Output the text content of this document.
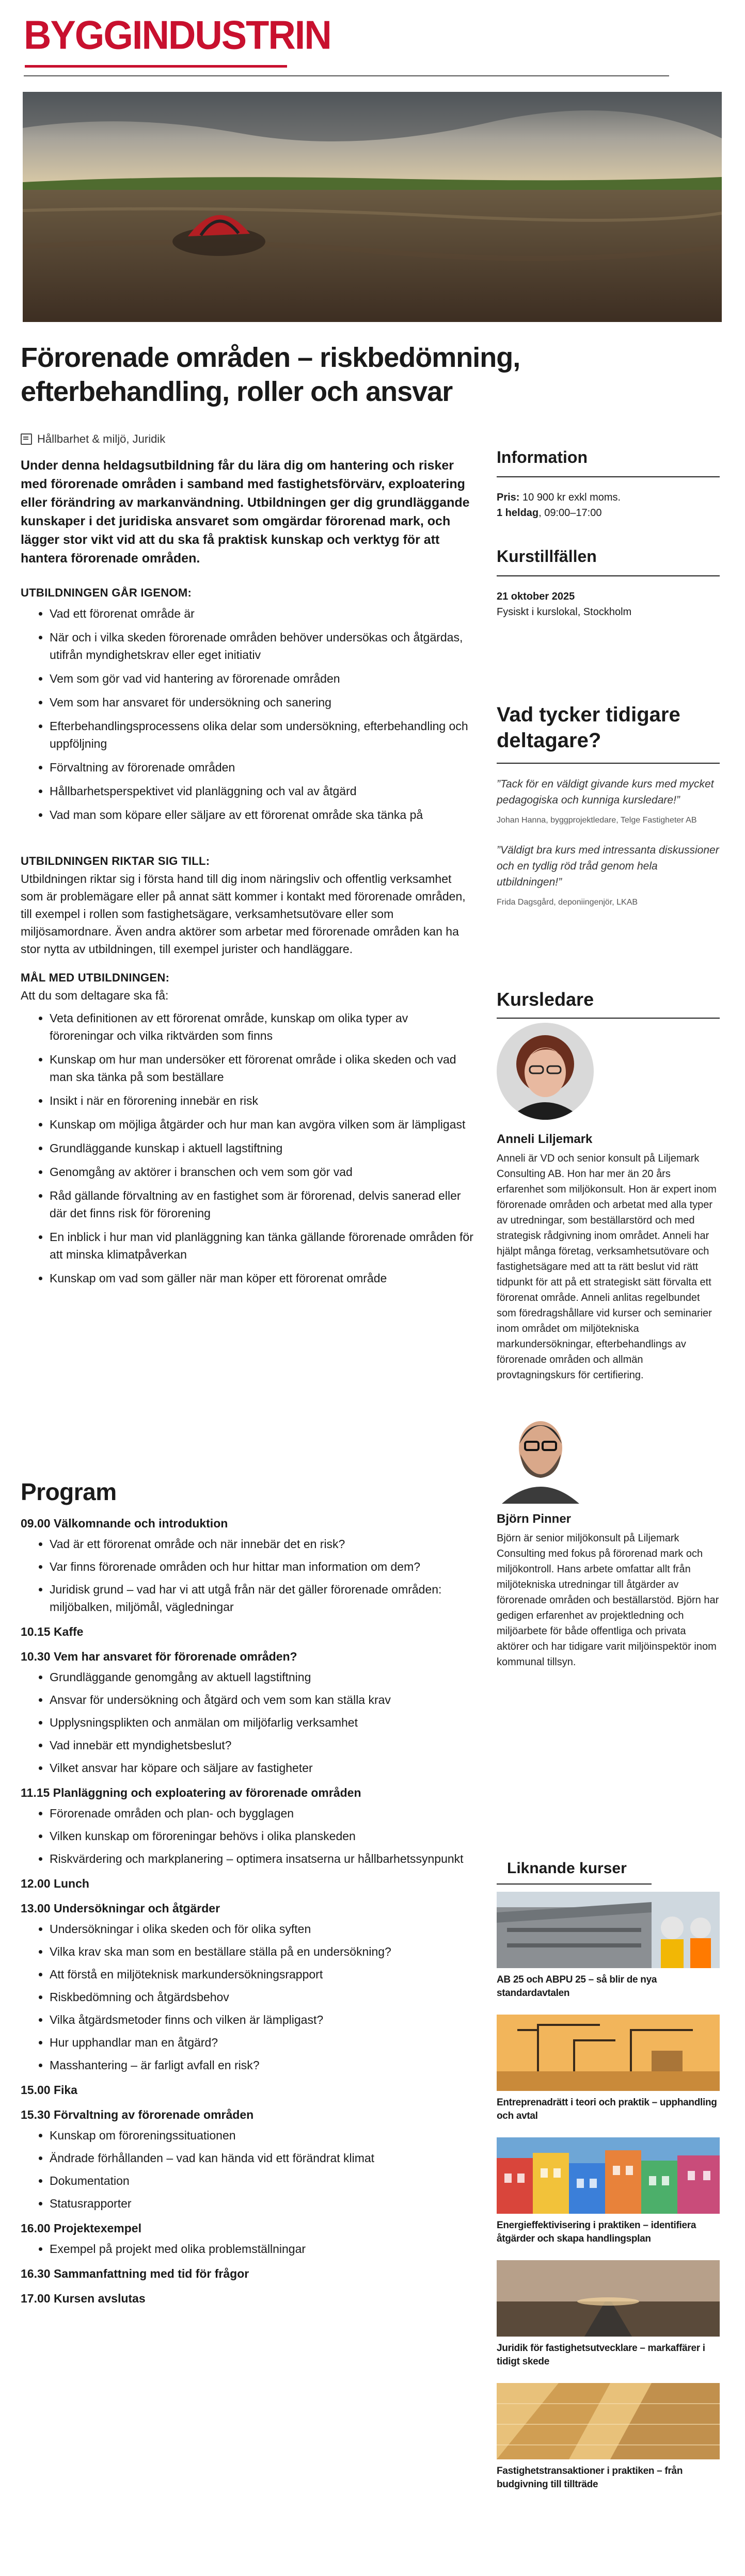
BYGGINDUSTRIN
Förorenade områden – riskbedömning, efterbehandling, roller och ansvar
Hållbarhet & miljö, Juridik

Under denna heldagsutbildning får du lära dig om hantering och risker med förorenade områden i samband med fastighetsförvärv, exploatering eller förändring av markanvändning. Utbildningen ger dig grundläggande kunskaper i det juridiska ansvaret som omgärdar förorenad mark, och lägger stor vikt vid att du ska få praktisk kunskap och verktyg för att hantera förorenade områden.

UTBILDNINGEN GÅR IGENOM:

• Vad ett förorenat område är
• När och i vilka skeden förorenade områden behöver undersökas och åtgärdas, utifrån myndighetskrav eller eget initiativ
• Vem som gör vad vid hantering av förorenade områden
• Vem som har ansvaret för undersökning och sanering
• Efterbehandlingsprocessens olika delar som undersökning, efterbehandling och uppföljning
• Förvaltning av förorenade områden
• Hållbarhetsperspektivet vid planläggning och val av åtgärd
• Vad man som köpare eller säljare av ett förorenat område ska tänka på

UTBILDNINGEN RIKTAR SIG TILL:

Utbildningen riktar sig i första hand till dig inom näringsliv och offentlig verksamhet som är problemägare eller på annat sätt kommer i kontakt med förorenade områden, till exempel i rollen som fastighetsägare, verksamhetsutövare eller som miljösamordnare. Även andra aktörer som arbetar med förorenade områden kan ha stor nytta av utbildningen, till exempel jurister och handläggare.

MÅL MED UTBILDNINGEN:

Att du som deltagare ska få:

• Veta definitionen av ett förorenat område, kunskap om olika typer av föroreningar och vilka riktvärden som finns
• Kunskap om hur man undersöker ett förorenat område i olika skeden och vad man ska tänka på som beställare
• Insikt i när en förorening innebär en risk
• Kunskap om möjliga åtgärder och hur man kan avgöra vilken som är lämpligast
• Grundläggande kunskap i aktuell lagstiftning
• Genomgång av aktörer i branschen och vem som gör vad
• Råd gällande förvaltning av en fastighet som är förorenad, delvis sanerad eller där det finns risk för förorening
• En inblick i hur man vid planläggning kan tänka gällande förorenade områden för att minska klimatpåverkan
• Kunskap om vad som gäller när man köper ett förorenat område
Program

09.00 Välkomnande och introduktion

• Vad är ett förorenat område och när innebär det en risk?
• Var finns förorenade områden och hur hittar man information om dem?
• Juridisk grund – vad har vi att utgå från när det gäller förorenade områden: miljöbalken, miljömål, vägledningar

10.15 Kaffe

10.30 Vem har ansvaret för förorenade områden?

• Grundläggande genomgång av aktuell lagstiftning
• Ansvar för undersökning och åtgärd och vem som kan ställa krav
• Upplysningsplikten och anmälan om miljöfarlig verksamhet
• Vad innebär ett myndighetsbeslut?
• Vilket ansvar har köpare och säljare av fastigheter

11.15 Planläggning och exploatering av förorenade områden

• Förorenade områden och plan- och bygglagen
• Vilken kunskap om föroreningar behövs i olika planskeden
• Riskvärdering och markplanering – optimera insatserna ur hållbarhetssynpunkt

12.00 Lunch

13.00 Undersökningar och åtgärder

• Undersökningar i olika skeden och för olika syften
• Vilka krav ska man som en beställare ställa på en undersökning?
• Att förstå en miljöteknisk markundersökningsrapport
• Riskbedömning och åtgärdsbehov
• Vilka åtgärdsmetoder finns och vilken är lämpligast?
• Hur upphandlar man en åtgärd?
• Masshantering – är farligt avfall en risk?

15.00 Fika

15.30 Förvaltning av förorenade områden

• Kunskap om föroreningssituationen
• Ändrade förhållanden – vad kan hända vid ett förändrat klimat
• Dokumentation
• Statusrapporter

16.00 Projektexempel

• Exempel på projekt med olika problemställningar

16.30 Sammanfattning med tid för frågor

17.00 Kursen avslutas

Information

Pris: 10 900 kr exkl moms.

1 heldag, 09:00–17:00

Kurstillfällen

21 oktober 2025

Fysiskt i kurslokal, Stockholm

Vad tycker tidigare deltagare?

”Tack för en väldigt givande kurs med mycket pedagogiska och kunniga kursledare!”

Johan Hanna, byggprojektledare, Telge Fastigheter AB

”Väldigt bra kurs med intressanta diskussioner och en tydlig röd tråd genom hela utbildningen!”

Frida Dagsgård, deponiingenjör, LKAB

Kursledare

Anneli Liljemark

Anneli är VD och senior konsult på Liljemark Consulting AB. Hon har mer än 20 års erfarenhet som miljökonsult. Hon är expert inom förorenade områden och arbetat med alla typer av utredningar, som beställarstörd och med strategisk rådgivning inom området. Anneli har hjälpt många företag, verksamhetsutövare och fastighetsägare med att ta rätt beslut vid rätt tidpunkt för att på ett strategiskt sätt förvalta ett förorenat område. Anneli anlitas regelbundet som föredragshållare vid kurser och seminarier inom området om miljötekniska markundersökningar, efterbehandlings av förorenade områden och allmän provtagningskurs för certifiering.

Björn Pinner

Björn är senior miljökonsult på Liljemark Consulting med fokus på förorenad mark och miljökontroll. Hans arbete omfattar allt från miljötekniska utredningar till åtgärder av förorenade områden och beställarstöd. Björn har gedigen erfarenhet av projektledning och miljöarbete för både offentliga och privata aktörer och har tidigare varit miljöinspektör inom kommunal tillsyn.

Liknande kurser

AB 25 och ABPU 25 – så blir de nya standardavtalen

Entreprenadrätt i teori och praktik – upphandling och avtal

Energieffektivisering i praktiken – identifiera åtgärder och skapa handlingsplan

Juridik för fastighetsutvecklare – markaffärer i tidigt skede

Fastighetstransaktioner i praktiken – från budgivning till tillträde
